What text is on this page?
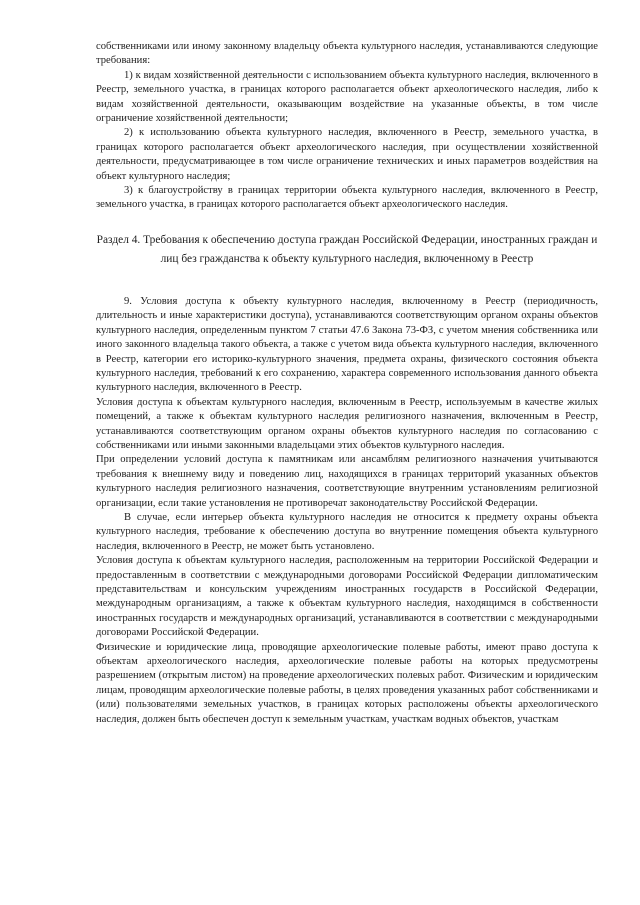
собственниками или иному законному владельцу объекта культурного наследия, устанавливаются следующие требования:

1) к видам хозяйственной деятельности с использованием объекта культурного наследия, включенного в Реестр, земельного участка, в границах которого располагается объект археологического наследия, либо к видам хозяйственной деятельности, оказывающим воздействие на указанные объекты, в том числе ограничение хозяйственной деятельности;

2) к использованию объекта культурного наследия, включенного в Реестр, земельного участка, в границах которого располагается объект археологического наследия, при осуществлении хозяйственной деятельности, предусматривающее в том числе ограничение технических и иных параметров воздействия на объект культурного наследия;

3) к благоустройству в границах территории объекта культурного наследия, включенного в Реестр, земельного участка, в границах которого располагается объект археологического наследия.

Раздел 4. Требования к обеспечению доступа граждан Российской Федерации, иностранных граждан и лиц без гражданства к объекту культурного наследия, включенному в Реестр

9. Условия доступа к объекту культурного наследия, включенному в Реестр (периодичность, длительность и иные характеристики доступа), устанавливаются соответствующим органом охраны объектов культурного наследия, определенным пунктом 7 статьи 47.6 Закона 73-ФЗ, с учетом мнения собственника или иного законного владельца такого объекта, а также с учетом вида объекта культурного наследия, включенного в Реестр, категории его историко-культурного значения, предмета охраны, физического состояния объекта культурного наследия, требований к его сохранению, характера современного использования данного объекта культурного наследия, включенного в Реестр.

Условия доступа к объектам культурного наследия, включенным в Реестр, используемым в качестве жилых помещений, а также к объектам культурного наследия религиозного назначения, включенным в Реестр, устанавливаются соответствующим органом охраны объектов культурного наследия по согласованию с собственниками или иными законными владельцами этих объектов культурного наследия.

При определении условий доступа к памятникам или ансамблям религиозного назначения учитываются требования к внешнему виду и поведению лиц, находящихся в границах территорий указанных объектов культурного наследия религиозного назначения, соответствующие внутренним установлениям религиозной организации, если такие установления не противоречат законодательству Российской Федерации.

В случае, если интерьер объекта культурного наследия не относится к предмету охраны объекта культурного наследия, требование к обеспечению доступа во внутренние помещения объекта культурного наследия, включенного в Реестр, не может быть установлено.

Условия доступа к объектам культурного наследия, расположенным на территории Российской Федерации и предоставленным в соответствии с международными договорами Российской Федерации дипломатическим представительствам и консульским учреждениям иностранных государств в Российской Федерации, международным организациям, а также к объектам культурного наследия, находящимся в собственности иностранных государств и международных организаций, устанавливаются в соответствии с международными договорами Российской Федерации.

Физические и юридические лица, проводящие археологические полевые работы, имеют право доступа к объектам археологического наследия, археологические полевые работы на которых предусмотрены разрешением (открытым листом) на проведение археологических полевых работ. Физическим и юридическим лицам, проводящим археологические полевые работы, в целях проведения указанных работ собственниками и (или) пользователями земельных участков, в границах которых расположены объекты археологического наследия, должен быть обеспечен доступ к земельным участкам, участкам водных объектов, участкам
